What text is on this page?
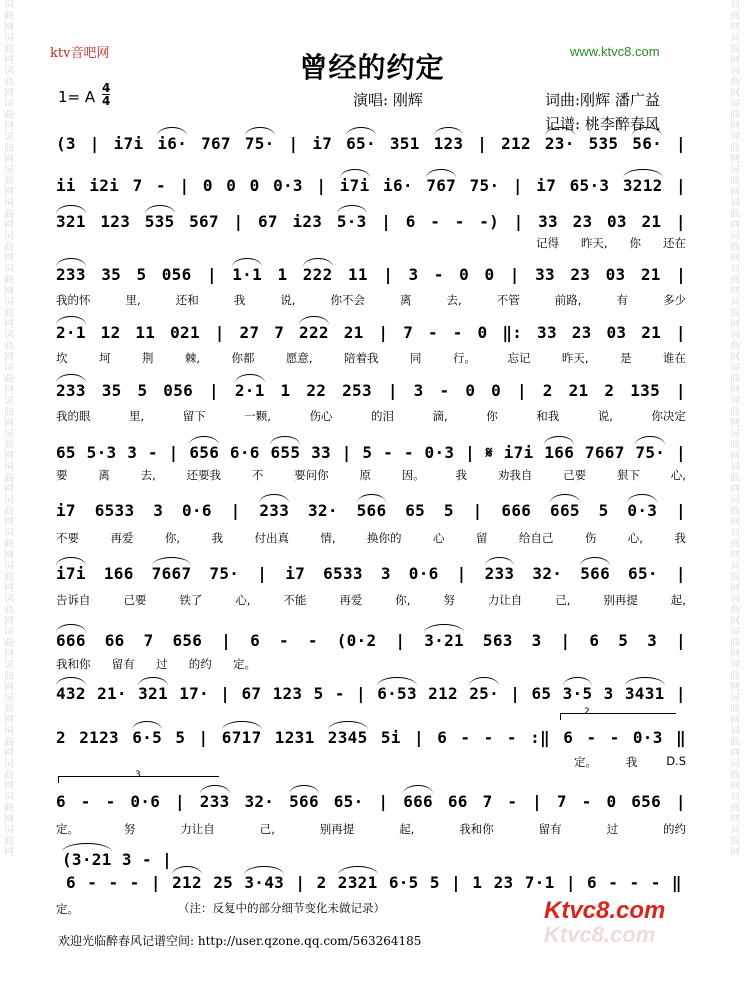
词曲网词曲网词曲网词曲网词曲网词曲网词曲网词曲网词曲网词曲网词曲网词曲网词曲网词曲网词曲网词曲网词曲网词曲网词曲网词曲网词曲网词曲网词曲网词曲网词曲网词曲网
词曲网词曲网词曲网词曲网词曲网词曲网词曲网词曲网词曲网词曲网词曲网词曲网词曲网词曲网词曲网词曲网词曲网词曲网词曲网词曲网词曲网词曲网词曲网词曲网词曲网词曲网
ktv音吧网	www.ktvc8.com
曾经的约定
1= A 4
4	演唱: 刚辉	词曲:刚辉 潘广益
记谱: 桃李醉春风
(3 | i7i i6· 767 75· | i7 65· 351 123 | 212 23· 535 56· |
ii i2i 7 - | 0 0 0 0·3 | i7i i6· 767 75· | i7 65·3 3212 |
321 123 535 567 | 67 i23 5·3 | 6 - - -) | 33 23 03 21 |
记得 昨天, 你 还在
233 35 5 056 | 1·1 1 222 11 | 3 - 0 0 | 33 23 03 21 |
我的怀	里,	还和	我	说,	你不会	离	去,	不管	前路,	有	多少
2·1 12 11 021 | 27 7 222 21 | 7 - - 0 ‖: 33 23 03 21 |
坎	坷	荆	棘,	你都	愿意,	陪着我	同	行。	忘记	昨天,	是	谁在
233 35 5 056 | 2·1 1 22 253 | 3 - 0 0 | 2 21 2 135 |
我的眼	里,	留下	一颗,	伤心	的泪	滴,	你	和我	说,	你决定
65 5·3 3 - | 656 6·6 655 33 | 5 - - 0·3 | 𝄋 i7i 166 7667 75· |
要	离	去,	还要我	不	要问你	原	因。	我	劝我自	己要	狠下	心,
i7 6533 3 0·6 | 233 32· 566 65 5 | 666 665 5 0·3 |
不要	再爱	你,	我	付出真	情,	换你的	心	留	给自己	伤	心,	我
i7i 166 7667 75· | i7 6533 3 0·6 | 233 32· 566 65· |
告诉自	己要	铁了	心,	不能	再爱	你,	努	力让自	己,	别再提	起,
666 66 7 656 | 6 - - (0·2 | 3·21 563 3 | 6 5 3 |
我和你 留有 过 的约 定。
432 21· 321 17· | 67 123 5 - | 6·53 212 25· | 65 3·5 3 3431 |
2 2123 6·5 5 | 6717 1231 2345 5i | 6 - - - :‖ 6 - - 0·3 ‖
定。	我	D.S
6 - - 0·6 | 233 32· 566 65· | 666 66 7 - | 7 - 0 656 |
定。	努	力让自	己,	别再提	起,	我和你	留有	过	的约
(3·21 3 - |
6 - - - | 212 25 3·43 | 2 2321 6·5 5 | 1 23 7·1 | 6 - - - ‖
定。
2
3
（注：反复中的部分细节变化未做记录）
欢迎光临醉春风记谱空间: http://user.qzone.qq.com/563264185
Ktvc8.com
Ktvc8.com
